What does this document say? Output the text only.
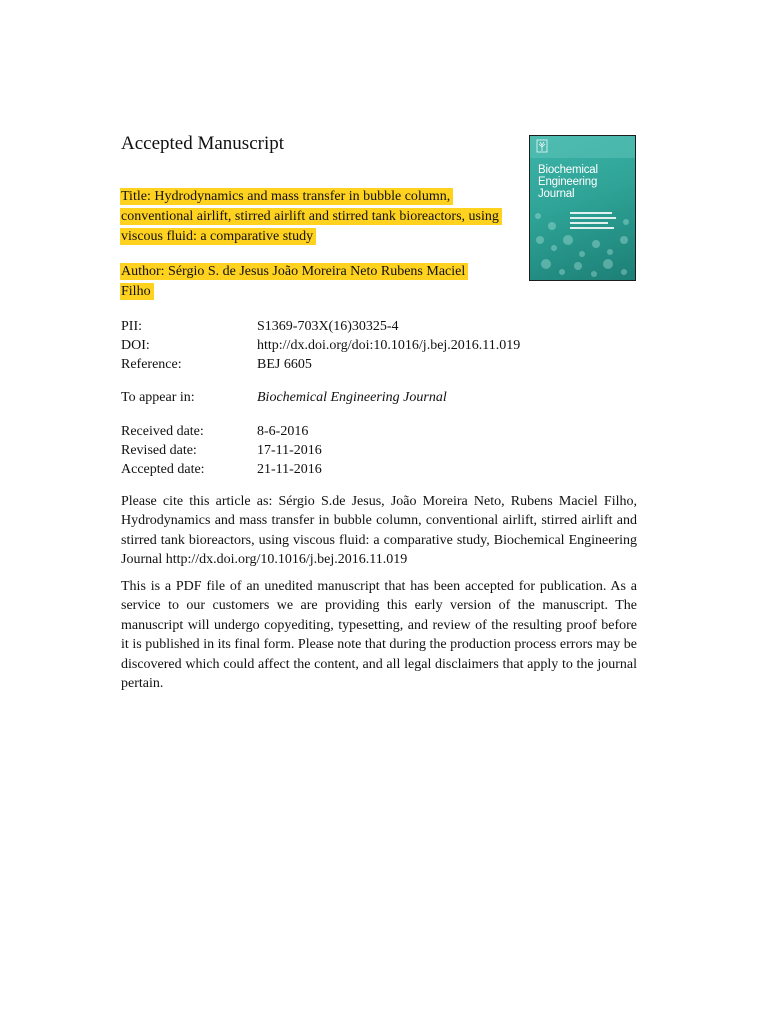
Accepted Manuscript
Title: Hydrodynamics and mass transfer in bubble column, conventional airlift, stirred airlift and stirred tank bioreactors, using viscous fluid: a comparative study
Author: Sérgio S. de Jesus João Moreira Neto Rubens Maciel Filho
PII:	S1369-703X(16)30325-4
DOI:	http://dx.doi.org/doi:10.1016/j.bej.2016.11.019
Reference:	BEJ 6605
To appear in:	Biochemical Engineering Journal
Received date:	8-6-2016
Revised date:	17-11-2016
Accepted date:	21-11-2016
Please cite this article as: Sérgio S.de Jesus, João Moreira Neto, Rubens Maciel Filho, Hydrodynamics and mass transfer in bubble column, conventional airlift, stirred airlift and stirred tank bioreactors, using viscous fluid: a comparative study, Biochemical Engineering Journal http://dx.doi.org/10.1016/j.bej.2016.11.019
This is a PDF file of an unedited manuscript that has been accepted for publication. As a service to our customers we are providing this early version of the manuscript. The manuscript will undergo copyediting, typesetting, and review of the resulting proof before it is published in its final form. Please note that during the production process errors may be discovered which could affect the content, and all legal disclaimers that apply to the journal pertain.
Biochemical Engineering Journal
